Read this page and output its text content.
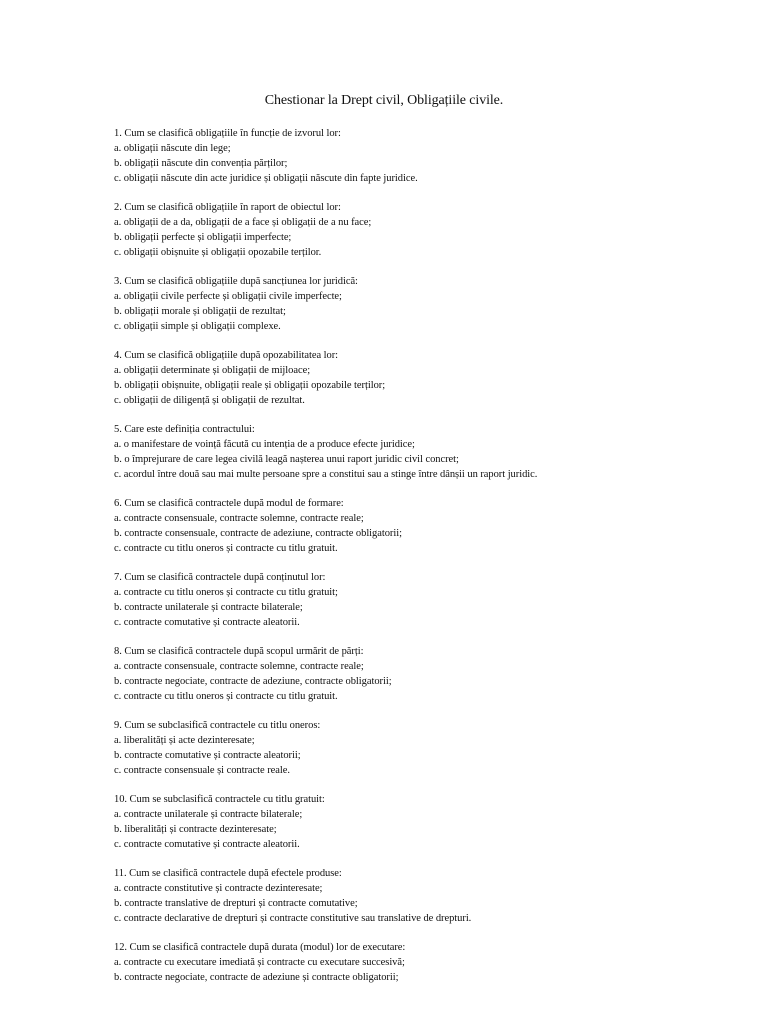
Chestionar la Drept civil, Obligațiile civile.
1. Cum se clasifică obligațiile în funcție de izvorul lor:
a. obligații născute din lege;
b. obligații născute din convenția părților;
c. obligații născute din acte juridice și obligații născute din fapte juridice.
2. Cum se clasifică obligațiile în raport de obiectul lor:
a. obligații de a da, obligații de a face și obligații de a nu face;
b. obligații perfecte și obligații imperfecte;
c. obligații obișnuite și obligații opozabile terților.
3. Cum se clasifică obligațiile după sancțiunea lor juridică:
a. obligații civile perfecte și obligații civile imperfecte;
b. obligații morale și obligații de rezultat;
c. obligații simple și obligații complexe.
4. Cum se clasifică obligațiile după opozabilitatea lor:
a. obligații determinate și obligații de mijloace;
b. obligații obișnuite, obligații reale și obligații opozabile terților;
c. obligații de diligență și obligații de rezultat.
5. Care este definiția contractului:
a. o manifestare de voință făcută cu intenția de a produce efecte juridice;
b. o împrejurare de care legea civilă leagă nașterea unui raport juridic civil concret;
c. acordul între două sau mai multe persoane spre a constitui sau a stinge între dânșii un raport juridic.
6. Cum se clasifică contractele după modul de formare:
a. contracte consensuale, contracte solemne, contracte reale;
b. contracte consensuale, contracte de adeziune, contracte obligatorii;
c. contracte cu titlu oneros și contracte cu titlu gratuit.
7. Cum se clasifică contractele după conținutul lor:
a. contracte cu titlu oneros și contracte cu titlu gratuit;
b. contracte unilaterale și contracte bilaterale;
c. contracte comutative și contracte aleatorii.
8. Cum se clasifică contractele după scopul urmărit de părți:
a. contracte consensuale, contracte solemne, contracte reale;
b. contracte negociate, contracte de adeziune, contracte obligatorii;
c. contracte cu titlu oneros și contracte cu titlu gratuit.
9. Cum se subclasifică contractele cu titlu oneros:
a. liberalități și acte dezinteresate;
b. contracte comutative și contracte aleatorii;
c. contracte consensuale și contracte reale.
10. Cum se subclasifică contractele cu titlu gratuit:
a. contracte unilaterale și contracte bilaterale;
b. liberalități și contracte dezinteresate;
c. contracte comutative și contracte aleatorii.
11. Cum se clasifică contractele după efectele produse:
a. contracte constitutive și contracte dezinteresate;
b. contracte translative de drepturi și contracte comutative;
c. contracte declarative de drepturi și contracte constitutive sau translative de drepturi.
12. Cum se clasifică contractele după durata (modul) lor de executare:
a. contracte cu executare imediată și contracte cu executare succesivă;
b. contracte negociate, contracte de adeziune și contracte obligatorii;
